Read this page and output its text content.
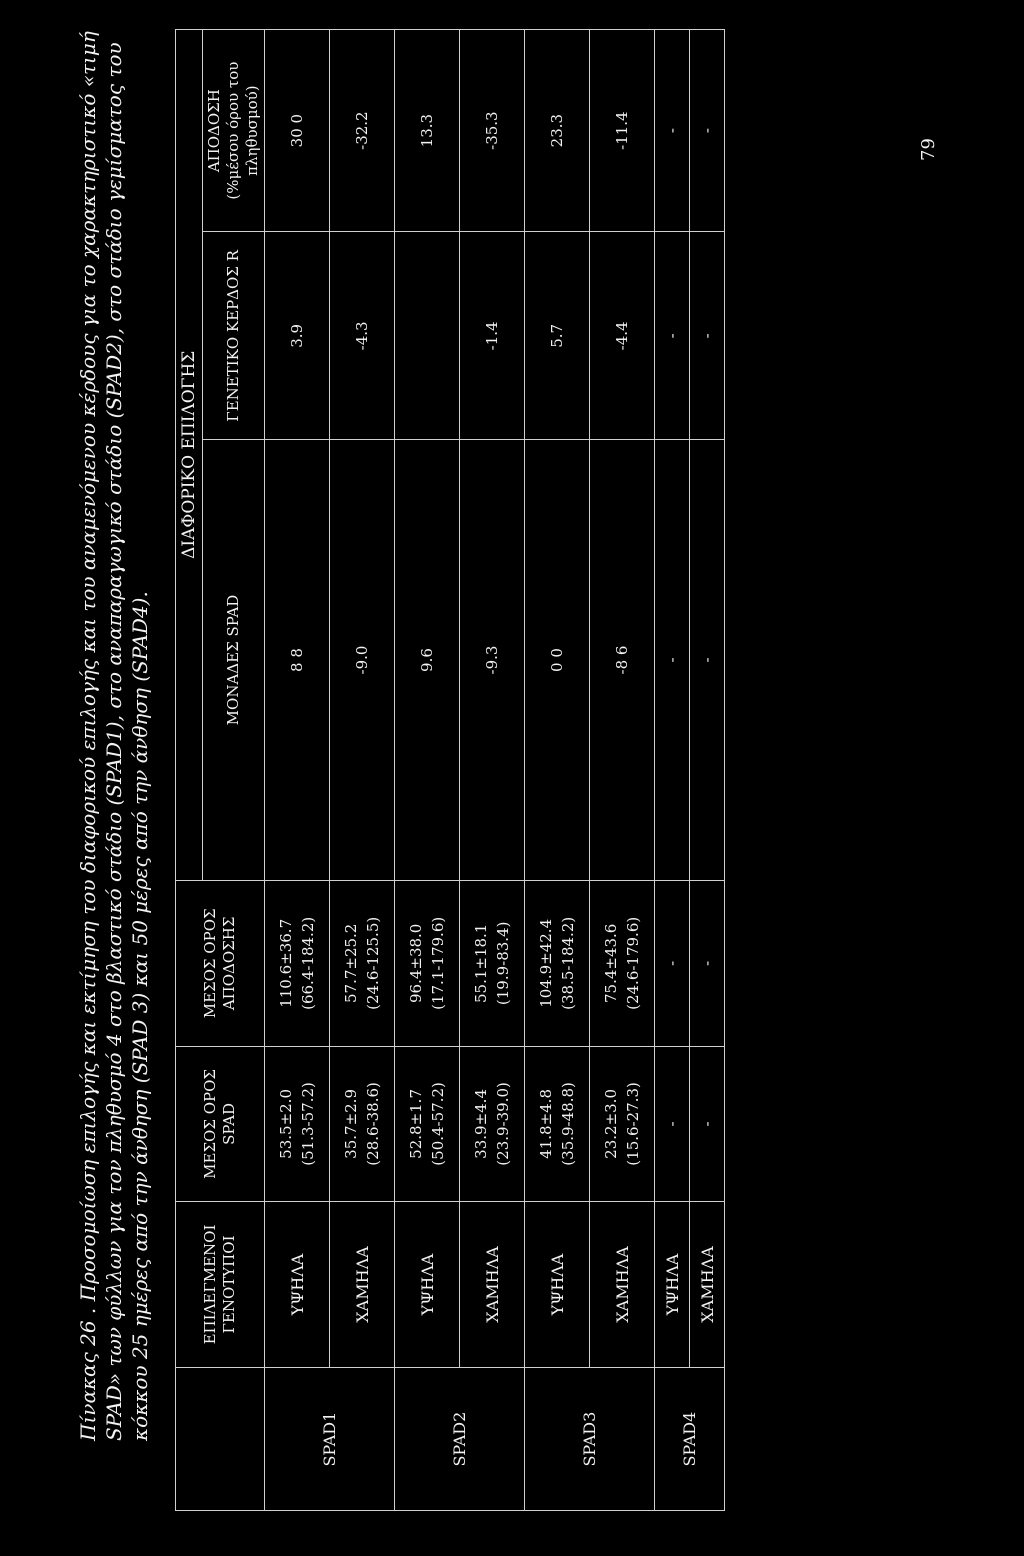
Πίνακας 26 . Προσομοίωση επιλογής και εκτίμηση του διαφορικού επιλογής και του αναμενόμενου κέρδους για το χαρακτηριστικό «τιμή SPAD» των φύλλων για τον πληθυσμό 4 στο βλαστικό στάδιο (SPAD1), στο αναπαραγωγικό στάδιο (SPAD2), στο στάδιο γεμίσματος του κόκκου 25 ημέρες από την άνθηση (SPAD 3) και 50 μέρες από την άνθηση (SPAD4).
		ΕΠΙΛΕΓΜΕΝΟΙ ΓΕΝΟΤΥΠΟΙ	ΜΕΣΟΣ ΟΡΟΣ SPAD	ΜΕΣΟΣ ΟΡΟΣ ΑΠΟΔΟΣΗΣ	ΔΙΑΦΟΡΙΚΟ ΕΠΙΛΟΓΗΣ		
				ΜΟΝΑΔΕΣ SPAD	ΓΕΝΕΤΙΚΟ ΚΕΡΔΟΣ R	ΑΠΟΔΟΣΗ (%μέσου όρου του πληθυσμού)

SPAD1	ΥΨΗΛΑ	53.5±2.0 (51.3-57.2)	110.6±36.7 (66.4-184.2)	8 8	3.9	30 0
	ΧΑΜΗΛΑ	35.7±2.9 (28.6-38.6)	57.7±25.2 (24.6-125.5)	-9.0	-4.3	-32.2
SPAD2	ΥΨΗΛΑ	52.8±1.7 (50.4-57.2)	96.4±38.0 (17.1-179.6)	9.6		13.3
	ΧΑΜΗΛΑ	33.9±4.4 (23.9-39.0)	55.1±18.1 (19.9-83.4)	-9.3	-1.4	-35.3
SPAD3	ΥΨΗΛΑ	41.8±4.8 (35.9-48.8)	104.9±42.4 (38.5-184.2)	0 0	5.7	23.3
	ΧΑΜΗΛΑ	23.2±3.0 (15.6-27.3)	75.4±43.6 (24.6-179.6)	-8 6	-4.4	-11.4
SPAD4	ΥΨΗΛΑ	-	-	-	-	-
	ΧΑΜΗΛΑ	-	-	-	-	-
79
